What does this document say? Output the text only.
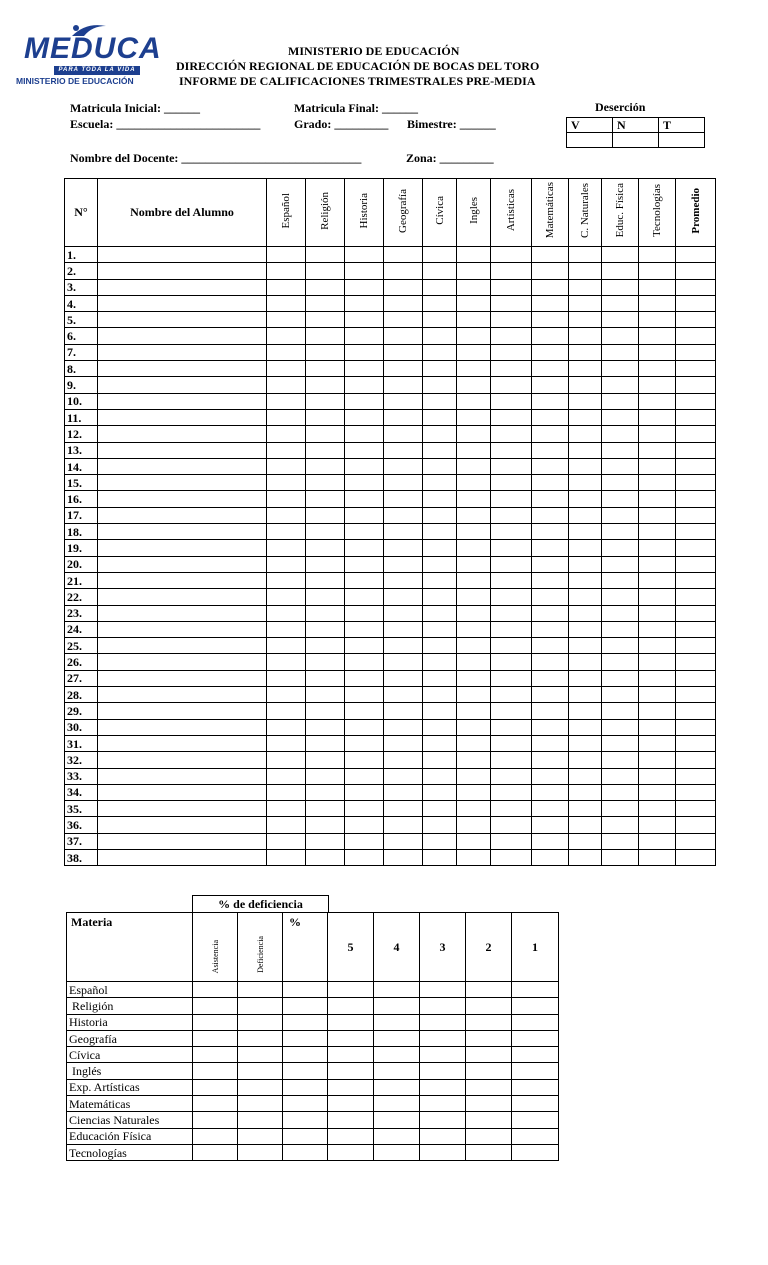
MEDUCA
PARA TODA LA VIDA
MINISTERIO DE EDUCACIÓN
MINISTERIO DE EDUCACIÓN
DIRECCIÓN REGIONAL DE EDUCACIÓN DE BOCAS DEL TORO
INFORME DE CALIFICACIONES TRIMESTRALES PRE-MEDIA
Matricula Inicial: ______	Matricula Final: ______
Escuela: ________________________	Grado: _________ Bimestre: ______
Nombre del Docente: ______________________________	Zona: _________
Deserción
V	N	T

N°	Nombre del Alumno	Español	Religión	Historia	Geografía	Cívica	Ingles	Artísticas	Matemáticas	C. Naturales	Educ. Física	Tecnologías	Promedio
1.													
2.													
3.													
4.													
5.													
6.													
7.													
8.													
9.													
10.													
11.													
12.													
13.													
14.													
15.													
16.													
17.													
18.													
19.													
20.													
21.													
22.													
23.													
24.													
25.													
26.													
27.													
28.													
29.													
30.													
31.													
32.													
33.													
34.													
35.													
36.													
37.													
38.													
% de deficiencia
Materia	Asistencia	Deficiencia	%	5	4	3	2	1
Español								
Religión								
Historia								
Geografía								
Cívica								
Inglés								
Exp. Artísticas								
Matemáticas								
Ciencias Naturales								
Educación Física								
Tecnologías								
